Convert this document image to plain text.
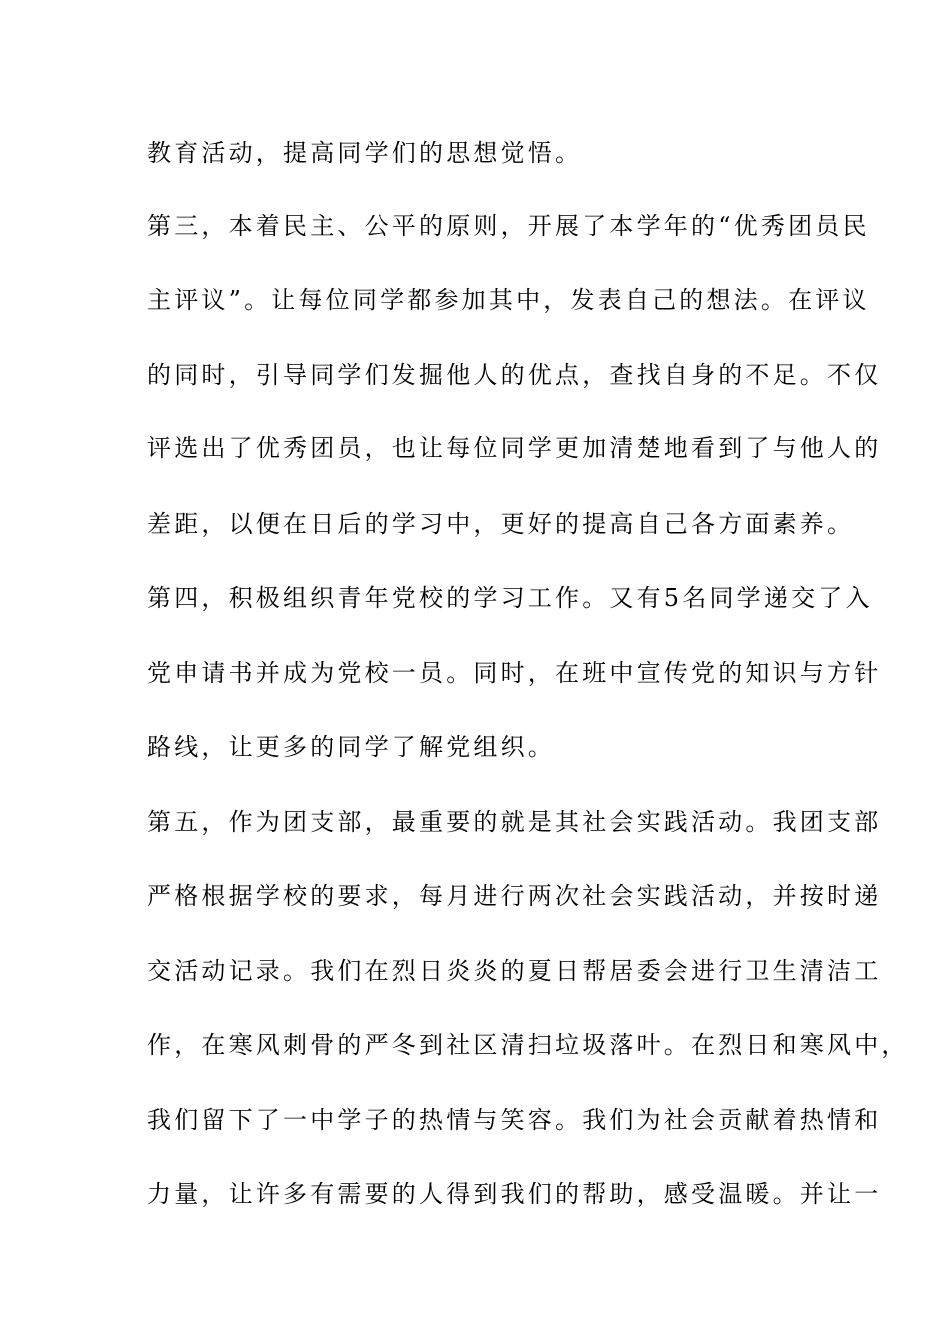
教育活动，提高同学们的思想觉悟。
第三，本着民主、公平的原则，开展了本学年的“优秀团员民
主评议”。让每位同学都参加其中，发表自己的想法。在评议
的同时，引导同学们发掘他人的优点，查找自身的不足。不仅
评选出了优秀团员，也让每位同学更加清楚地看到了与他人的
差距，以便在日后的学习中，更好的提高自己各方面素养。
第四，积极组织青年党校的学习工作。又有5名同学递交了入
党申请书并成为党校一员。同时，在班中宣传党的知识与方针
路线，让更多的同学了解党组织。
第五，作为团支部，最重要的就是其社会实践活动。我团支部
严格根据学校的要求，每月进行两次社会实践活动，并按时递
交活动记录。我们在烈日炎炎的夏日帮居委会进行卫生清洁工
作，在寒风刺骨的严冬到社区清扫垃圾落叶。在烈日和寒风中，
我们留下了一中学子的热情与笑容。我们为社会贡献着热情和
力量，让许多有需要的人得到我们的帮助，感受温暖。并让一
